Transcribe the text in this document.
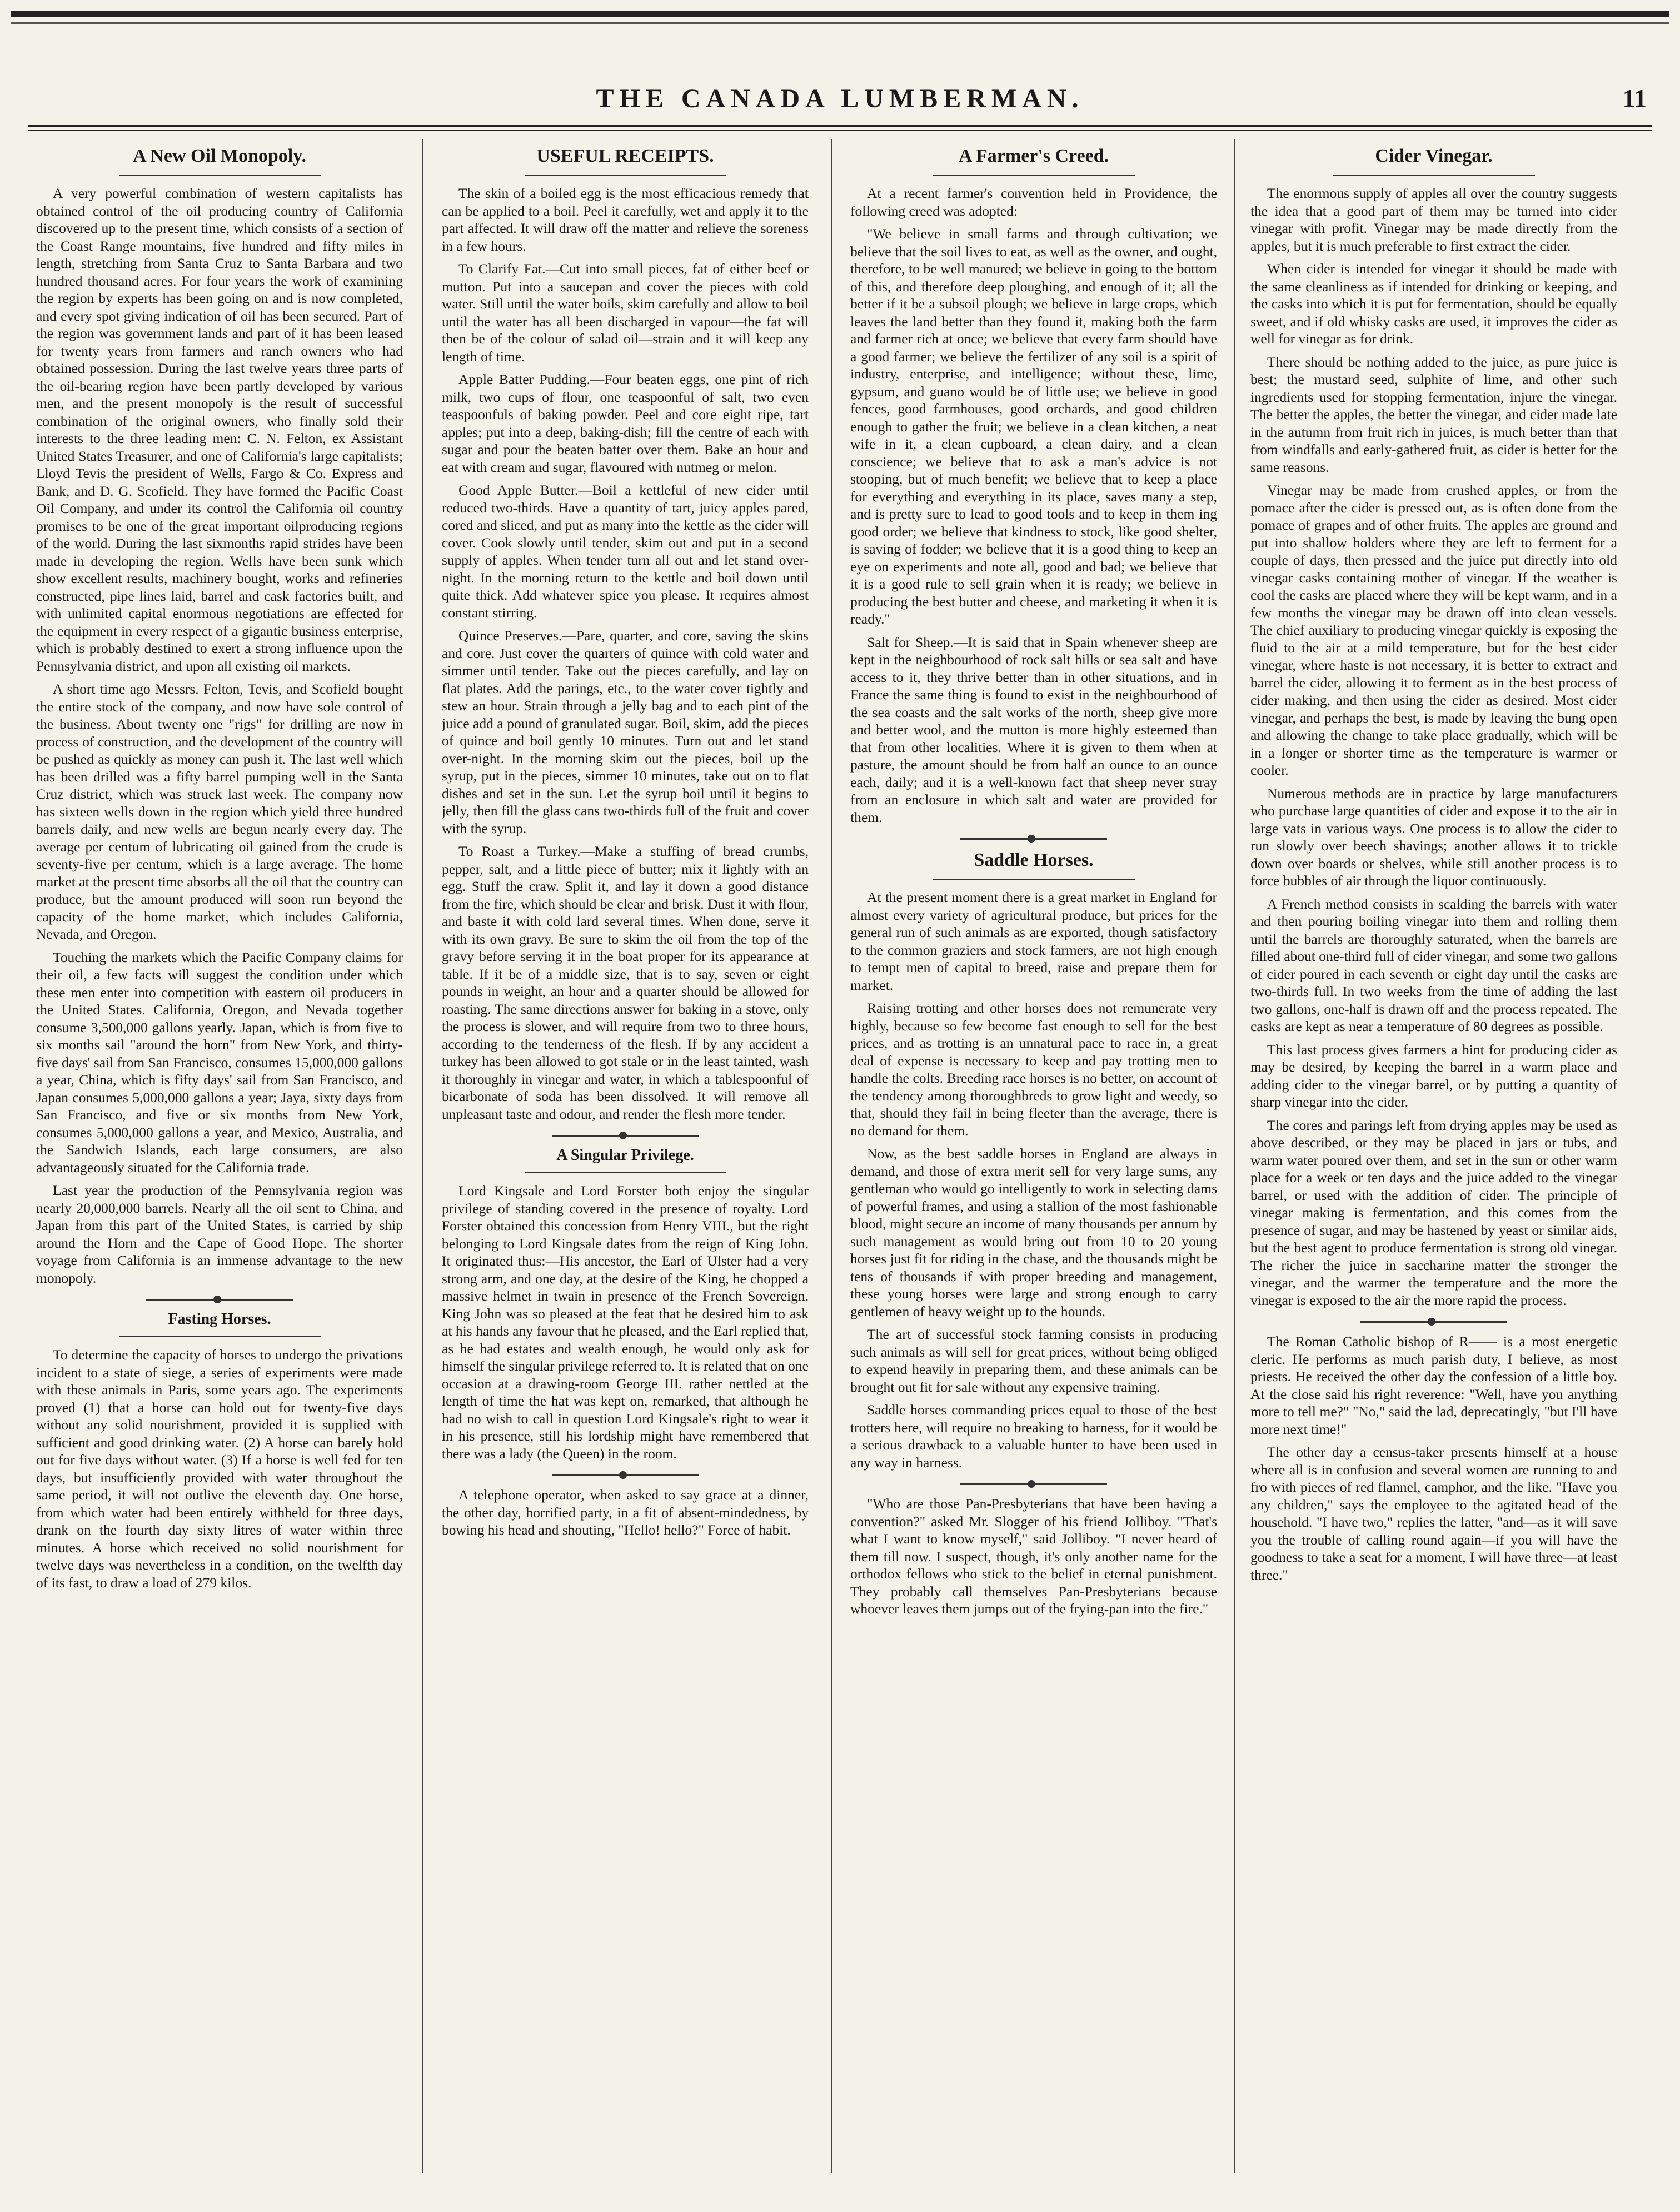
THE CANADA LUMBERMAN.	11
A New Oil Monopoly.

A very powerful combination of western capitalists has obtained control of the oil producing country of California discovered up to the present time, which consists of a section of the Coast Range mountains, five hundred and fifty miles in length, stretching from Santa Cruz to Santa Barbara and two hundred thousand acres. For four years the work of examining the region by experts has been going on and is now completed, and every spot giving indication of oil has been secured. Part of the region was government lands and part of it has been leased for twenty years from farmers and ranch owners who had obtained possession. During the last twelve years three parts of the oil-bearing region have been partly developed by various men, and the present monopoly is the result of successful combination of the original owners, who finally sold their interests to the three leading men: C. N. Felton, ex Assistant United States Treasurer, and one of California's large capitalists; Lloyd Tevis the president of Wells, Fargo & Co. Express and Bank, and D. G. Scofield. They have formed the Pacific Coast Oil Company, and under its control the California oil country promises to be one of the great important oilproducing regions of the world. During the last sixmonths rapid strides have been made in developing the region. Wells have been sunk which show excellent results, machinery bought, works and refineries constructed, pipe lines laid, barrel and cask factories built, and with unlimited capital enormous negotiations are effected for the equipment in every respect of a gigantic business enterprise, which is probably destined to exert a strong influence upon the Pennsylvania district, and upon all existing oil markets.

A short time ago Messrs. Felton, Tevis, and Scofield bought the entire stock of the company, and now have sole control of the business. About twenty one "rigs" for drilling are now in process of construction, and the development of the country will be pushed as quickly as money can push it. The last well which has been drilled was a fifty barrel pumping well in the Santa Cruz district, which was struck last week. The company now has sixteen wells down in the region which yield three hundred barrels daily, and new wells are begun nearly every day. The average per centum of lubricating oil gained from the crude is seventy-five per centum, which is a large average. The home market at the present time absorbs all the oil that the country can produce, but the amount produced will soon run beyond the capacity of the home market, which includes California, Nevada, and Oregon.

Touching the markets which the Pacific Company claims for their oil, a few facts will suggest the condition under which these men enter into competition with eastern oil producers in the United States. California, Oregon, and Nevada together consume 3,500,000 gallons yearly. Japan, which is from five to six months sail "around the horn" from New York, and thirty-five days' sail from San Francisco, consumes 15,000,000 gallons a year, China, which is fifty days' sail from San Francisco, and Japan consumes 5,000,000 gallons a year; Jaya, sixty days from San Francisco, and five or six months from New York, consumes 5,000,000 gallons a year, and Mexico, Australia, and the Sandwich Islands, each large consumers, are also advantageously situated for the California trade.

Last year the production of the Pennsylvania region was nearly 20,000,000 barrels. Nearly all the oil sent to China, and Japan from this part of the United States, is carried by ship around the Horn and the Cape of Good Hope. The shorter voyage from California is an immense advantage to the new monopoly.

Fasting Horses.

To determine the capacity of horses to undergo the privations incident to a state of siege, a series of experiments were made with these animals in Paris, some years ago. The experiments proved (1) that a horse can hold out for twenty-five days without any solid nourishment, provided it is supplied with sufficient and good drinking water. (2) A horse can barely hold out for five days without water. (3) If a horse is well fed for ten days, but insufficiently provided with water throughout the same period, it will not outlive the eleventh day. One horse, from which water had been entirely withheld for three days, drank on the fourth day sixty litres of water within three minutes. A horse which received no solid nourishment for twelve days was nevertheless in a condition, on the twelfth day of its fast, to draw a load of 279 kilos.

USEFUL RECEIPTS.

The skin of a boiled egg is the most efficacious remedy that can be applied to a boil. Peel it carefully, wet and apply it to the part affected. It will draw off the matter and relieve the soreness in a few hours.

To Clarify Fat.—Cut into small pieces, fat of either beef or mutton. Put into a saucepan and cover the pieces with cold water. Still until the water boils, skim carefully and allow to boil until the water has all been discharged in vapour—the fat will then be of the colour of salad oil—strain and it will keep any length of time.

Apple Batter Pudding.—Four beaten eggs, one pint of rich milk, two cups of flour, one teaspoonful of salt, two even teaspoonfuls of baking powder. Peel and core eight ripe, tart apples; put into a deep, baking-dish; fill the centre of each with sugar and pour the beaten batter over them. Bake an hour and eat with cream and sugar, flavoured with nutmeg or melon.

Good Apple Butter.—Boil a kettleful of new cider until reduced two-thirds. Have a quantity of tart, juicy apples pared, cored and sliced, and put as many into the kettle as the cider will cover. Cook slowly until tender, skim out and put in a second supply of apples. When tender turn all out and let stand over-night. In the morning return to the kettle and boil down until quite thick. Add whatever spice you please. It requires almost constant stirring.

Quince Preserves.—Pare, quarter, and core, saving the skins and core. Just cover the quarters of quince with cold water and simmer until tender. Take out the pieces carefully, and lay on flat plates. Add the parings, etc., to the water cover tightly and stew an hour. Strain through a jelly bag and to each pint of the juice add a pound of granulated sugar. Boil, skim, add the pieces of quince and boil gently 10 minutes. Turn out and let stand over-night. In the morning skim out the pieces, boil up the syrup, put in the pieces, simmer 10 minutes, take out on to flat dishes and set in the sun. Let the syrup boil until it begins to jelly, then fill the glass cans two-thirds full of the fruit and cover with the syrup.

To Roast a Turkey.—Make a stuffing of bread crumbs, pepper, salt, and a little piece of butter; mix it lightly with an egg. Stuff the craw. Split it, and lay it down a good distance from the fire, which should be clear and brisk. Dust it with flour, and baste it with cold lard several times. When done, serve it with its own gravy. Be sure to skim the oil from the top of the gravy before serving it in the boat proper for its appearance at table. If it be of a middle size, that is to say, seven or eight pounds in weight, an hour and a quarter should be allowed for roasting. The same directions answer for baking in a stove, only the process is slower, and will require from two to three hours, according to the tenderness of the flesh. If by any accident a turkey has been allowed to got stale or in the least tainted, wash it thoroughly in vinegar and water, in which a tablespoonful of bicarbonate of soda has been dissolved. It will remove all unpleasant taste and odour, and render the flesh more tender.

A Singular Privilege.

Lord Kingsale and Lord Forster both enjoy the singular privilege of standing covered in the presence of royalty. Lord Forster obtained this concession from Henry VIII., but the right belonging to Lord Kingsale dates from the reign of King John. It originated thus:—His ancestor, the Earl of Ulster had a very strong arm, and one day, at the desire of the King, he chopped a massive helmet in twain in presence of the French Sovereign. King John was so pleased at the feat that he desired him to ask at his hands any favour that he pleased, and the Earl replied that, as he had estates and wealth enough, he would only ask for himself the singular privilege referred to. It is related that on one occasion at a drawing-room George III. rather nettled at the length of time the hat was kept on, remarked, that although he had no wish to call in question Lord Kingsale's right to wear it in his presence, still his lordship might have remembered that there was a lady (the Queen) in the room.

A telephone operator, when asked to say grace at a dinner, the other day, horrified party, in a fit of absent-mindedness, by bowing his head and shouting, "Hello! hello?" Force of habit.

A Farmer's Creed.

At a recent farmer's convention held in Providence, the following creed was adopted:

"We believe in small farms and through cultivation; we believe that the soil lives to eat, as well as the owner, and ought, therefore, to be well manured; we believe in going to the bottom of this, and therefore deep ploughing, and enough of it; all the better if it be a subsoil plough; we believe in large crops, which leaves the land better than they found it, making both the farm and farmer rich at once; we believe that every farm should have a good farmer; we believe the fertilizer of any soil is a spirit of industry, enterprise, and intelligence; without these, lime, gypsum, and guano would be of little use; we believe in good fences, good farmhouses, good orchards, and good children enough to gather the fruit; we believe in a clean kitchen, a neat wife in it, a clean cupboard, a clean dairy, and a clean conscience; we believe that to ask a man's advice is not stooping, but of much benefit; we believe that to keep a place for everything and everything in its place, saves many a step, and is pretty sure to lead to good tools and to keep in them ing good order; we believe that kindness to stock, like good shelter, is saving of fodder; we believe that it is a good thing to keep an eye on experiments and note all, good and bad; we believe that it is a good rule to sell grain when it is ready; we believe in producing the best butter and cheese, and marketing it when it is ready."

Salt for Sheep.—It is said that in Spain whenever sheep are kept in the neighbourhood of rock salt hills or sea salt and have access to it, they thrive better than in other situations, and in France the same thing is found to exist in the neighbourhood of the sea coasts and the salt works of the north, sheep give more and better wool, and the mutton is more highly esteemed than that from other localities. Where it is given to them when at pasture, the amount should be from half an ounce to an ounce each, daily; and it is a well-known fact that sheep never stray from an enclosure in which salt and water are provided for them.

Saddle Horses.

At the present moment there is a great market in England for almost every variety of agricultural produce, but prices for the general run of such animals as are exported, though satisfactory to the common graziers and stock farmers, are not high enough to tempt men of capital to breed, raise and prepare them for market.

Raising trotting and other horses does not remunerate very highly, because so few become fast enough to sell for the best prices, and as trotting is an unnatural pace to race in, a great deal of expense is necessary to keep and pay trotting men to handle the colts. Breeding race horses is no better, on account of the tendency among thoroughbreds to grow light and weedy, so that, should they fail in being fleeter than the average, there is no demand for them.

Now, as the best saddle horses in England are always in demand, and those of extra merit sell for very large sums, any gentleman who would go intelligently to work in selecting dams of powerful frames, and using a stallion of the most fashionable blood, might secure an income of many thousands per annum by such management as would bring out from 10 to 20 young horses just fit for riding in the chase, and the thousands might be tens of thousands if with proper breeding and management, these young horses were large and strong enough to carry gentlemen of heavy weight up to the hounds.

The art of successful stock farming consists in producing such animals as will sell for great prices, without being obliged to expend heavily in preparing them, and these animals can be brought out fit for sale without any expensive training.

Saddle horses commanding prices equal to those of the best trotters here, will require no breaking to harness, for it would be a serious drawback to a valuable hunter to have been used in any way in harness.

"Who are those Pan-Presbyterians that have been having a convention?" asked Mr. Slogger of his friend Jolliboy. "That's what I want to know myself," said Jolliboy. "I never heard of them till now. I suspect, though, it's only another name for the orthodox fellows who stick to the belief in eternal punishment. They probably call themselves Pan-Presbyterians because whoever leaves them jumps out of the frying-pan into the fire."

Cider Vinegar.

The enormous supply of apples all over the country suggests the idea that a good part of them may be turned into cider vinegar with profit. Vinegar may be made directly from the apples, but it is much preferable to first extract the cider.

When cider is intended for vinegar it should be made with the same cleanliness as if intended for drinking or keeping, and the casks into which it is put for fermentation, should be equally sweet, and if old whisky casks are used, it improves the cider as well for vinegar as for drink.

There should be nothing added to the juice, as pure juice is best; the mustard seed, sulphite of lime, and other such ingredients used for stopping fermentation, injure the vinegar. The better the apples, the better the vinegar, and cider made late in the autumn from fruit rich in juices, is much better than that from windfalls and early-gathered fruit, as cider is better for the same reasons.

Vinegar may be made from crushed apples, or from the pomace after the cider is pressed out, as is often done from the pomace of grapes and of other fruits. The apples are ground and put into shallow holders where they are left to ferment for a couple of days, then pressed and the juice put directly into old vinegar casks containing mother of vinegar. If the weather is cool the casks are placed where they will be kept warm, and in a few months the vinegar may be drawn off into clean vessels. The chief auxiliary to producing vinegar quickly is exposing the fluid to the air at a mild temperature, but for the best cider vinegar, where haste is not necessary, it is better to extract and barrel the cider, allowing it to ferment as in the best process of cider making, and then using the cider as desired. Most cider vinegar, and perhaps the best, is made by leaving the bung open and allowing the change to take place gradually, which will be in a longer or shorter time as the temperature is warmer or cooler.

Numerous methods are in practice by large manufacturers who purchase large quantities of cider and expose it to the air in large vats in various ways. One process is to allow the cider to run slowly over beech shavings; another allows it to trickle down over boards or shelves, while still another process is to force bubbles of air through the liquor continuously.

A French method consists in scalding the barrels with water and then pouring boiling vinegar into them and rolling them until the barrels are thoroughly saturated, when the barrels are filled about one-third full of cider vinegar, and some two gallons of cider poured in each seventh or eight day until the casks are two-thirds full. In two weeks from the time of adding the last two gallons, one-half is drawn off and the process repeated. The casks are kept as near a temperature of 80 degrees as possible.

This last process gives farmers a hint for producing cider as may be desired, by keeping the barrel in a warm place and adding cider to the vinegar barrel, or by putting a quantity of sharp vinegar into the cider.

The cores and parings left from drying apples may be used as above described, or they may be placed in jars or tubs, and warm water poured over them, and set in the sun or other warm place for a week or ten days and the juice added to the vinegar barrel, or used with the addition of cider. The principle of vinegar making is fermentation, and this comes from the presence of sugar, and may be hastened by yeast or similar aids, but the best agent to produce fermentation is strong old vinegar. The richer the juice in saccharine matter the stronger the vinegar, and the warmer the temperature and the more the vinegar is exposed to the air the more rapid the process.

The Roman Catholic bishop of R—— is a most energetic cleric. He performs as much parish duty, I believe, as most priests. He received the other day the confession of a little boy. At the close said his right reverence: "Well, have you anything more to tell me?" "No," said the lad, deprecatingly, "but I'll have more next time!"

The other day a census-taker presents himself at a house where all is in confusion and several women are running to and fro with pieces of red flannel, camphor, and the like. "Have you any children," says the employee to the agitated head of the household. "I have two," replies the latter, "and—as it will save you the trouble of calling round again—if you will have the goodness to take a seat for a moment, I will have three—at least three."
